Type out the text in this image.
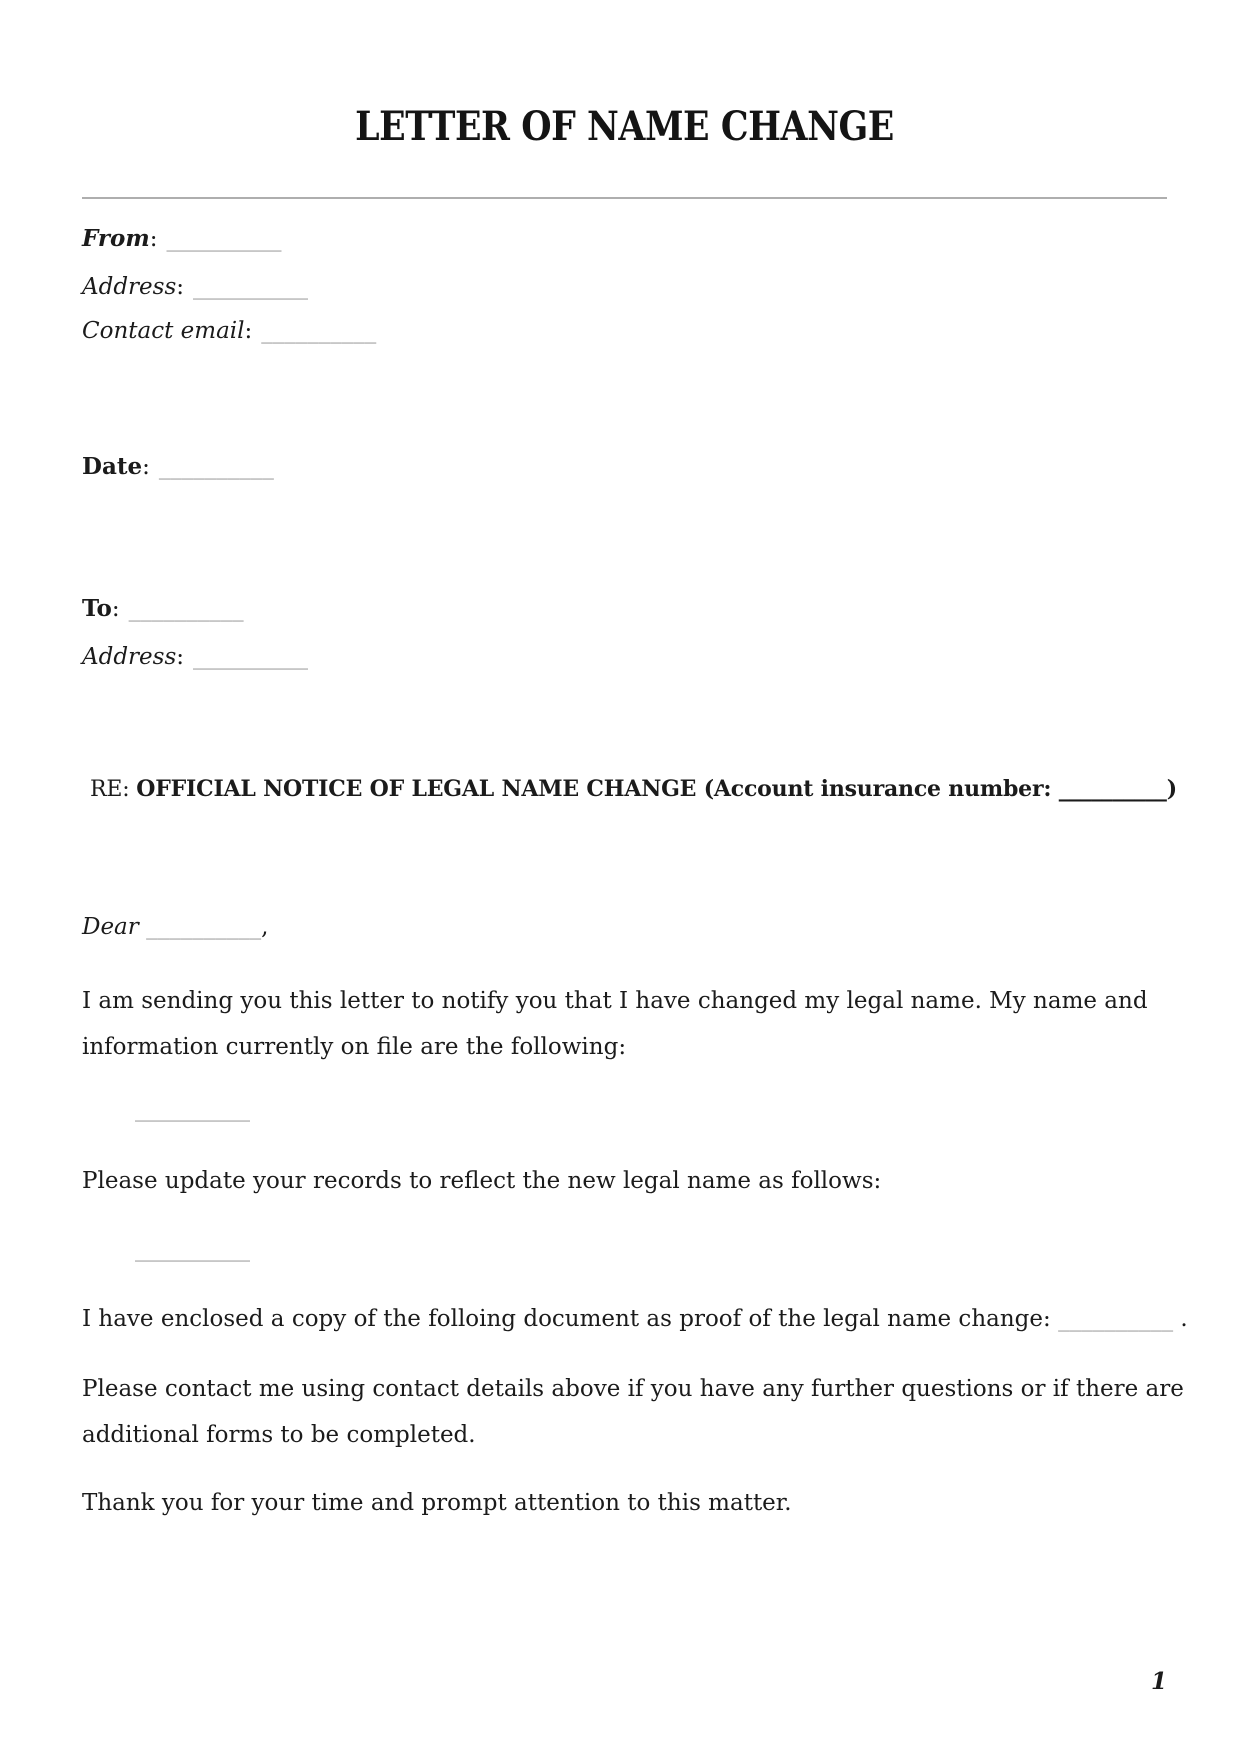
LETTER OF NAME CHANGE
From: __________
Address: __________
Contact email: __________
Date: __________
To: __________
Address: __________
RE: OFFICIAL NOTICE OF LEGAL NAME CHANGE (Account insurance number: __________)
Dear __________,
I am sending you this letter to notify you that I have changed my legal name. My name and
information currently on file are the following:
__________
Please update your records to reflect the new legal name as follows:
__________
I have enclosed a copy of the folloing document as proof of the legal name change: __________ .
Please contact me using contact details above if you have any further questions or if there are
additional forms to be completed.
Thank you for your time and prompt attention to this matter.
1
